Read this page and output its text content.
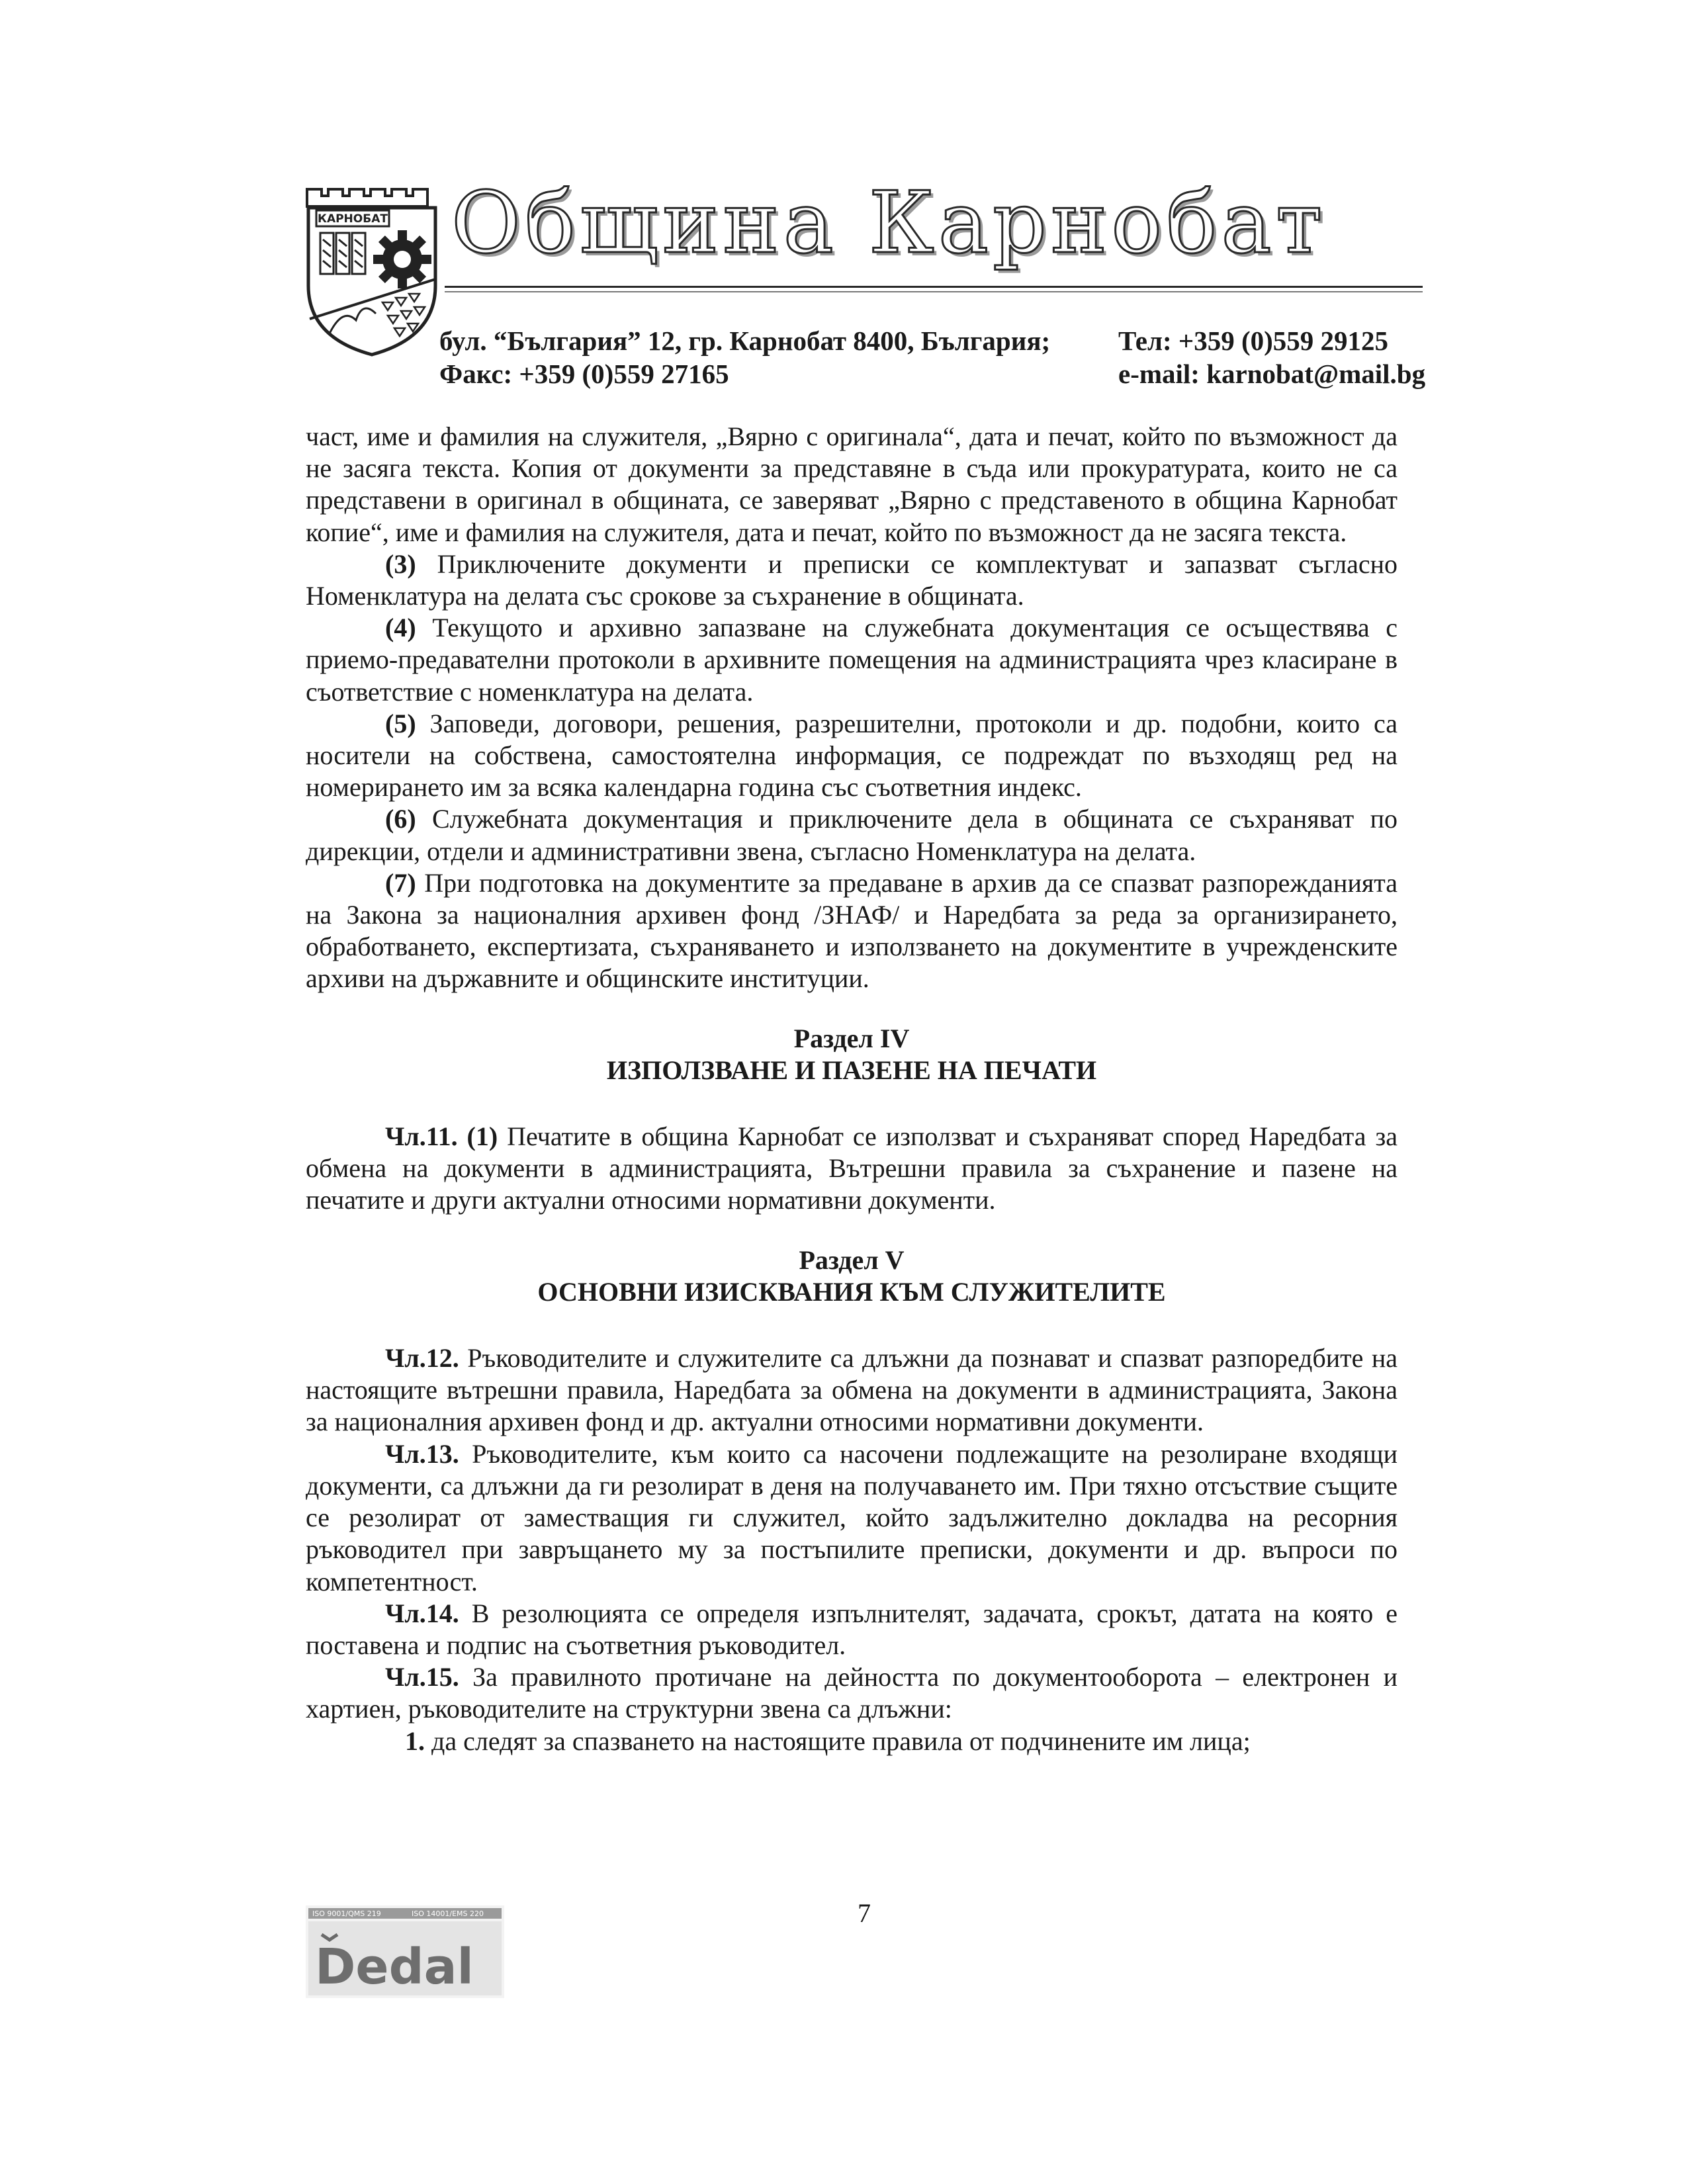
КАРНОБАТ Община Карнобат
бул. “България” 12, гр. Карнобат 8400, България;
Факс: +359 (0)559 27165
Тел: +359 (0)559 29125
e-mail: karnobat@mail.bg

част, име и фамилия на служителя, „Вярно с оригинала“, дата и печат, който по възможност да не засяга текста. Копия от документи за представяне в съда или прокуратурата, които не са представени в оригинал в общината, се заверяват „Вярно с представеното в община Карнобат копие“, име и фамилия на служителя, дата и печат, който по възможност да не засяга текста.

(3) Приключените документи и преписки се комплектуват и запазват съгласно Номенклатура на делата със срокове за съхранение в общината.

(4) Текущото и архивно запазване на служебната документация се осъществява с приемо-предавателни протоколи в архивните помещения на администрацията чрез класиране в съответствие с номенклатура на делата.

(5) Заповеди, договори, решения, разрешителни, протоколи и др. подобни, които са носители на собствена, самостоятелна информация, се подреждат по възходящ ред на номерирането им за всяка календарна година със съответния индекс.

(6) Служебната документация и приключените дела в общината се съхраняват по дирекции, отдели и административни звена, съгласно Номенклатура на делата.

(7) При подготовка на документите за предаване в архив да се спазват разпорежданията на Закона за националния архивен фонд /ЗНАФ/ и Наредбата за реда за организирането, обработването, експертизата, съхраняването и използването на документите в учрежденските архиви на държавните и общинските институции.

Раздел IV

ИЗПОЛЗВАНЕ И ПАЗЕНЕ НА ПЕЧАТИ

Чл.11. (1) Печатите в община Карнобат се използват и съхраняват според Наредбата за обмена на документи в администрацията, Вътрешни правила за съхранение и пазене на печатите и други актуални относими нормативни документи.

Раздел V

ОСНОВНИ ИЗИСКВАНИЯ КЪМ СЛУЖИТЕЛИТЕ

Чл.12. Ръководителите и служителите са длъжни да познават и спазват разпоредбите на настоящите вътрешни правила, Наредбата за обмена на документи в администрацията, Закона за националния архивен фонд и др. актуални относими нормативни документи.

Чл.13. Ръководителите, към които са насочени подлежащите на резолиране входящи документи, са длъжни да ги резолират в деня на получаването им. При тяхно отсъствие същите се резолират от заместващия ги служител, който задължително докладва на ресорния ръководител при завръщането му за постъпилите преписки, документи и др. въпроси по компетентност.

Чл.14. В резолюцията се определя изпълнителят, задачата, срокът, датата на която е поставена и подпис на съответния ръководител.

Чл.15. За правилното протичане на дейността по документооборота – електронен и хартиен, ръководителите на структурни звена са длъжни:

1. да следят за спазването на настоящите правила от подчинените им лица;

7
ISO 9001/QMS 219	ISO 14001/EMS 220
Dedal
